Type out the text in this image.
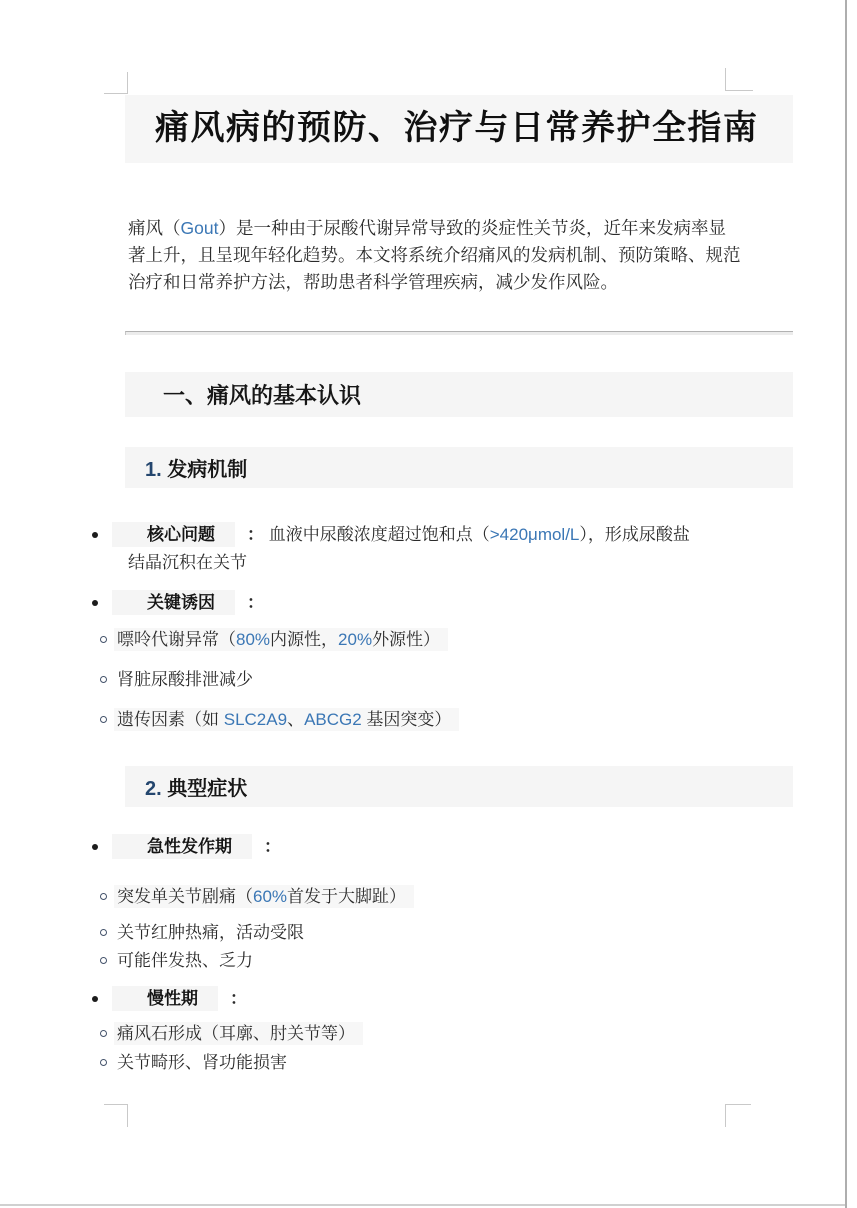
痛风病的预防、治疗与日常养护全指南

痛风（Gout）是一种由于尿酸代谢异常导致的炎症性关节炎，近年来发病率显
著上升，且呈现年轻化趋势。本文将系统介绍痛风的发病机制、预防策略、规范
治疗和日常养护方法，帮助患者科学管理疾病，减少发作风险。

一、痛风的基本认识
1. 发病机制
核心问题 ： 血液中尿酸浓度超过饱和点（>420μmol/L），形成尿酸盐
结晶沉积在关节
关键诱因 ：
嘌呤代谢异常（80%内源性，20%外源性）
肾脏尿酸排泄减少
遗传因素（如 SLC2A9、ABCG2 基因突变）
2. 典型症状
急性发作期 ：
突发单关节剧痛（60%首发于大脚趾）
关节红肿热痛，活动受限
可能伴发热、乏力
慢性期 ：
痛风石形成（耳廓、肘关节等）
关节畸形、肾功能损害
